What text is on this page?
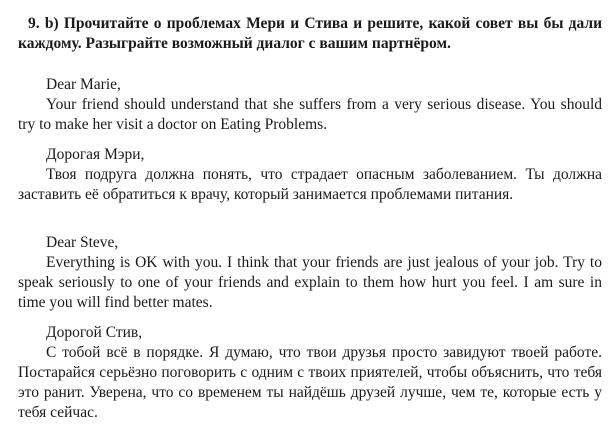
9. b) Прочитайте о проблемах Мери и Стива и решите, какой совет вы бы дали каждому. Разыграйте возможный диалог с вашим партнёром.

Dear Marie,

Your friend should understand that she suffers from a very serious disease. You should try to make her visit a doctor on Eating Problems.

Дорогая Мэри,

Твоя подруга должна понять, что страдает опасным заболеванием. Ты должна заставить её обратиться к врачу, который занимается проблемами питания.

Dear Steve,

Everything is OK with you. I think that your friends are just jealous of your job. Try to speak seriously to one of your friends and explain to them how hurt you feel. I am sure in time you will find better mates.

Дорогой Стив,

С тобой всё в порядке. Я думаю, что твои друзья просто завидуют твоей работе. Постарайся серьёзно поговорить с одним с твоих приятелей, чтобы объяснить, что тебя это ранит. Уверена, что со временем ты найдёшь друзей лучше, чем те, которые есть у тебя сейчас.
